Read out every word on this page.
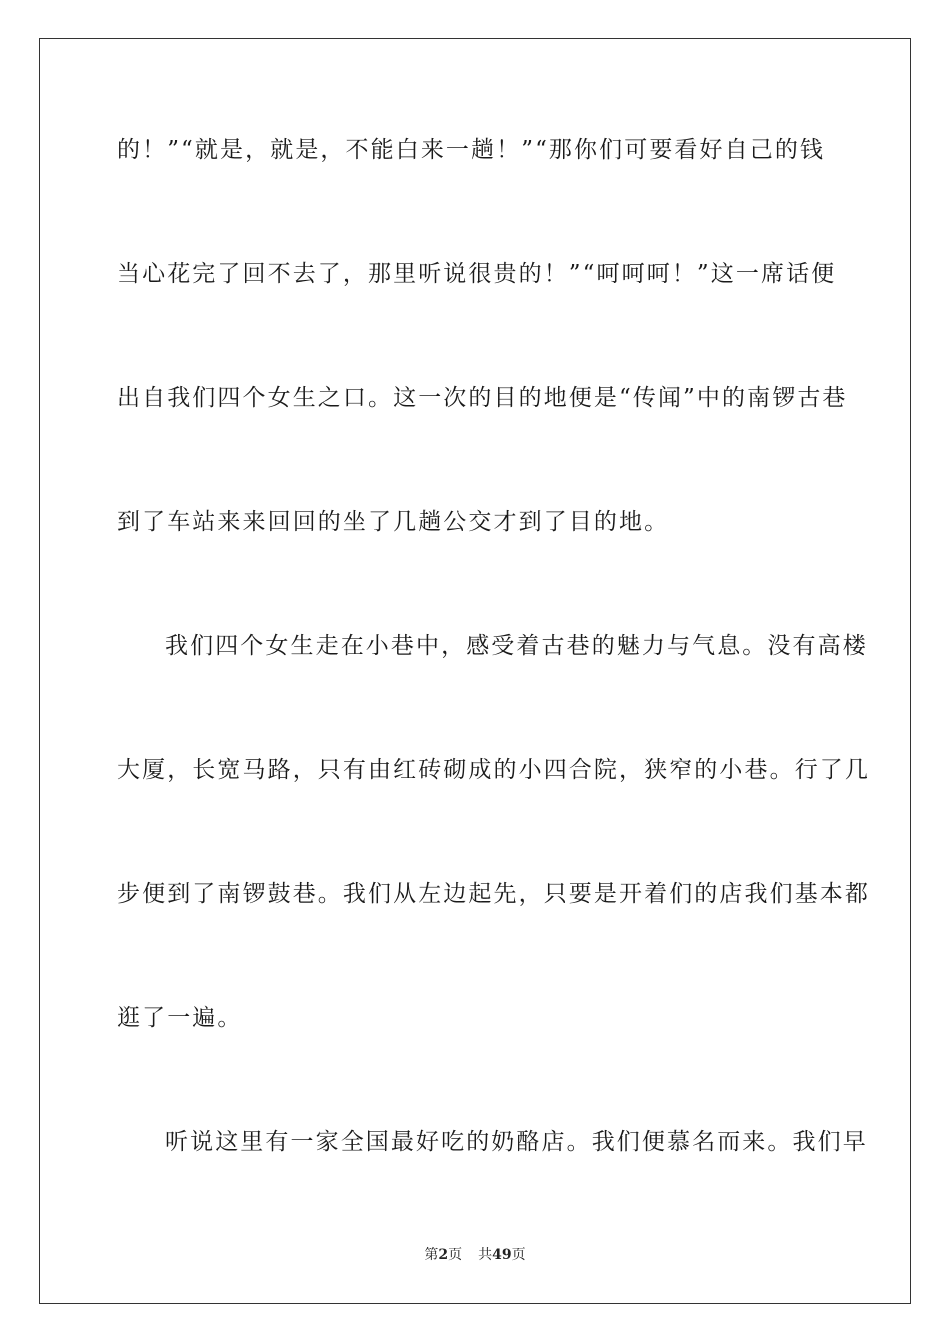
的！”“就是，就是，不能白来一趟！”“那你们可要看好自己的钱
当心花完了回不去了，那里听说很贵的！”“呵呵呵！”这一席话便
出自我们四个女生之口。这一次的目的地便是“传闻”中的南锣古巷
到了车站来来回回的坐了几趟公交才到了目的地。
我们四个女生走在小巷中，感受着古巷的魅力与气息。没有高楼
大厦，长宽马路，只有由红砖砌成的小四合院，狭窄的小巷。行了几
步便到了南锣鼓巷。我们从左边起先，只要是开着们的店我们基本都
逛了一遍。
听说这里有一家全国最好吃的奶酪店。我们便慕名而来。我们早
第2页 共49页
